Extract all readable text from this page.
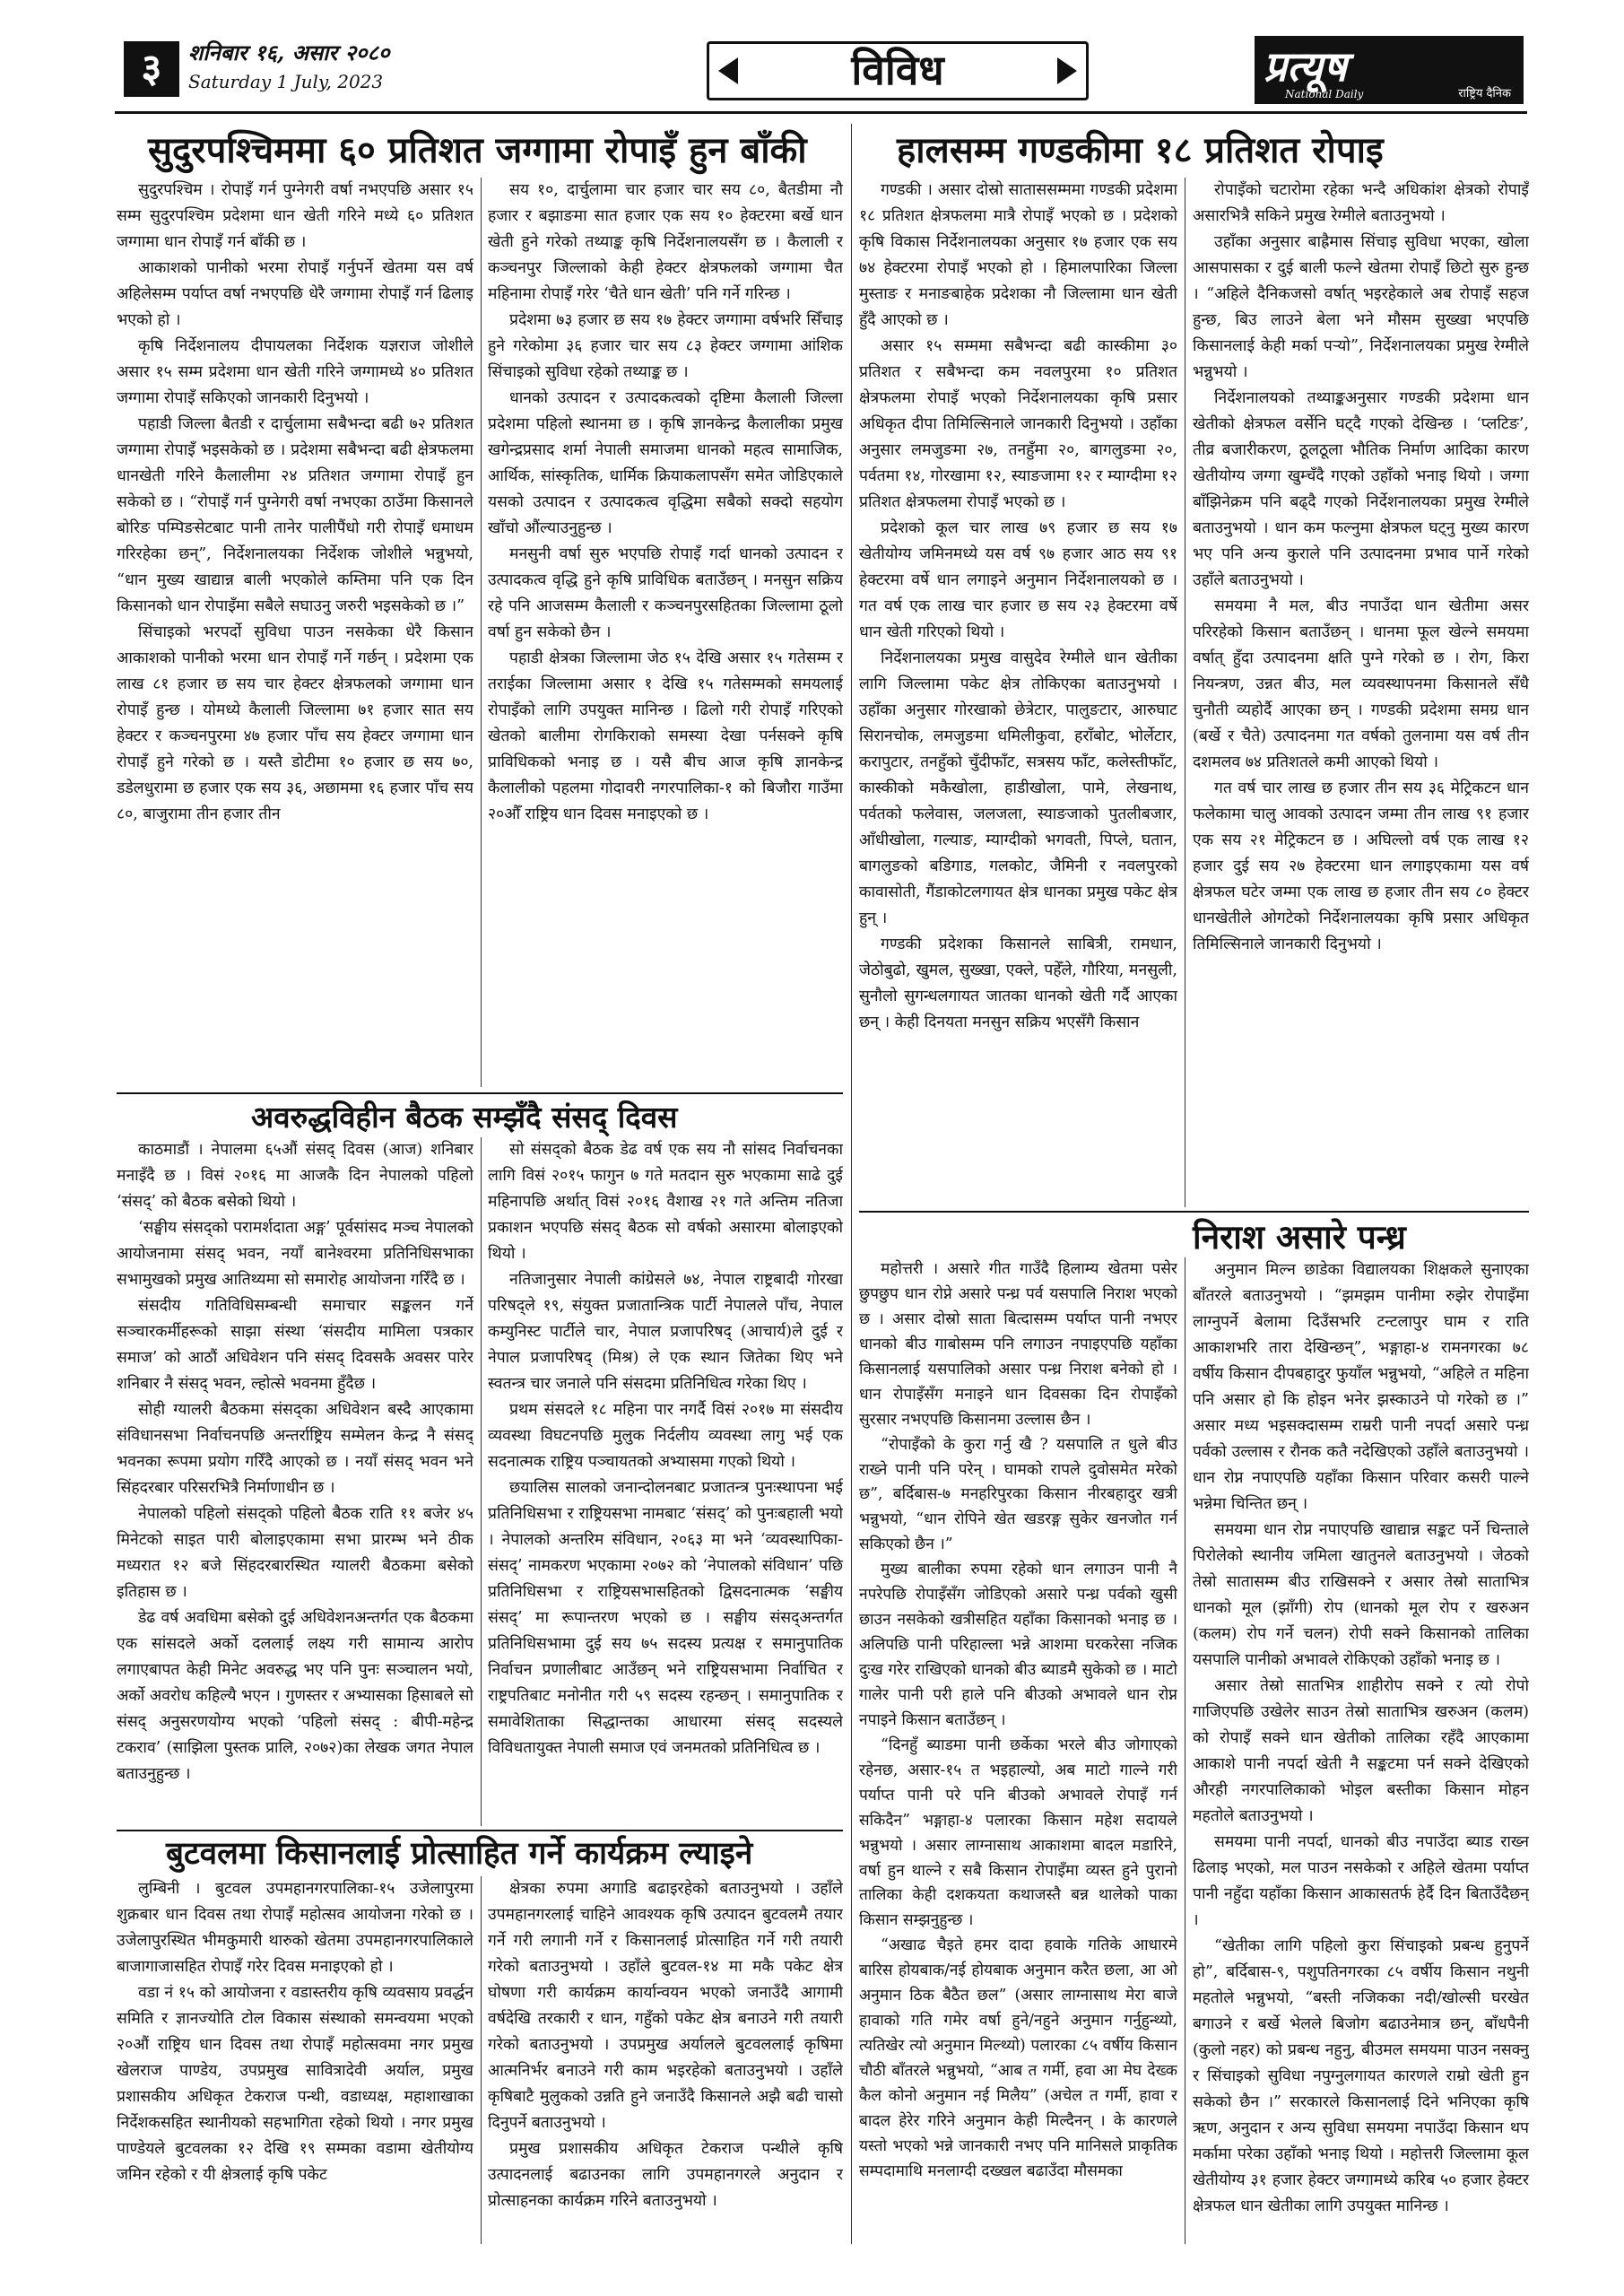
३	शनिबार १६, असार २०८०
Saturday 1 July, 2023	विविध	प्रत्यूष
National Daily	राष्ट्रिय दैनिक
सुदुरपश्चिममा ६० प्रतिशत जग्गामा रोपाइँ हुन बाँकी

सुदुरपश्चिम । रोपाइँ गर्न पुग्नेगरी वर्षा नभएपछि असार १५ सम्म सुदुरपश्चिम प्रदेशमा धान खेती गरिने मध्ये ६० प्रतिशत जग्गामा धान रोपाइँ गर्न बाँकी छ ।

आकाशको पानीको भरमा रोपाइँ गर्नुपर्ने खेतमा यस वर्ष अहिलेसम्म पर्याप्त वर्षा नभएपछि धेरै जग्गामा रोपाइँ गर्न ढिलाइ भएको हो ।

कृषि निर्देशनालय दीपायलका निर्देशक यज्ञराज जोशीले असार १५ सम्म प्रदेशमा धान खेती गरिने जग्गामध्ये ४० प्रतिशत जग्गामा रोपाइँ सकिएको जानकारी दिनुभयो ।

पहाडी जिल्ला बैतडी र दार्चुलामा सबैभन्दा बढी ७२ प्रतिशत जग्गामा रोपाइँ भइसकेको छ । प्रदेशमा सबैभन्दा बढी क्षेत्रफलमा धानखेती गरिने कैलालीमा २४ प्रतिशत जग्गामा रोपाइँ हुन सकेको छ । “रोपाइँ गर्न पुग्नेगरी वर्षा नभएका ठाउँमा किसानले बोरिङ पम्पिङसेटबाट पानी तानेर पालीपैंधो गरी रोपाइँ धमाधम गरिरहेका छन्”, निर्देशनालयका निर्देशक जोशीले भन्नुभयो, “धान मुख्य खाद्यान्न बाली भएकोले कम्तिमा पनि एक दिन किसानको धान रोपाइँमा सबैले सघाउनु जरुरी भइसकेको छ ।”

सिंचाइको भरपर्दो सुविधा पाउन नसकेका धेरै किसान आकाशको पानीको भरमा धान रोपाइँ गर्ने गर्छन् । प्रदेशमा एक लाख ८१ हजार छ सय चार हेक्टर क्षेत्रफलको जग्गामा धान रोपाइँ हुन्छ । योमध्ये कैलाली जिल्लामा ७१ हजार सात सय हेक्टर र कञ्चनपुरमा ४७ हजार पाँच सय हेक्टर जग्गामा धान रोपाइँ हुने गरेको छ । यस्तै डोटीमा १० हजार छ सय ७०, डडेलधुरामा छ हजार एक सय ३६, अछाममा १६ हजार पाँच सय ८०, बाजुरामा तीन हजार तीन

सय १०, दार्चुलामा चार हजार चार सय ८०, बैतडीमा नौ हजार र बझाङमा सात हजार एक सय १० हेक्टरमा बर्खे धान खेती हुने गरेको तथ्याङ्क कृषि निर्देशनालयसँग छ । कैलाली र कञ्चनपुर जिल्लाको केही हेक्टर क्षेत्रफलको जग्गामा चैत महिनामा रोपाइँ गरेर ‘चैते धान खेती’ पनि गर्ने गरिन्छ ।

प्रदेशमा ७३ हजार छ सय १७ हेक्टर जग्गामा वर्षभरि सिँचाइ हुने गरेकोमा ३६ हजार चार सय ८३ हेक्टर जग्गामा आंशिक सिंचाइको सुविधा रहेको तथ्याङ्क छ ।

धानको उत्पादन र उत्पादकत्वको दृष्टिमा कैलाली जिल्ला प्रदेशमा पहिलो स्थानमा छ । कृषि ज्ञानकेन्द्र कैलालीका प्रमुख खगेन्द्रप्रसाद शर्मा नेपाली समाजमा धानको महत्व सामाजिक, आर्थिक, सांस्कृतिक, धार्मिक क्रियाकलापसँग समेत जोडिएकाले यसको उत्पादन र उत्पादकत्व वृद्धिमा सबैको सक्दो सहयोग खाँचो औंल्याउनुहुन्छ ।

मनसुनी वर्षा सुरु भएपछि रोपाइँ गर्दा धानको उत्पादन र उत्पादकत्व वृद्धि हुने कृषि प्राविधिक बताउँछन् । मनसुन सक्रिय रहे पनि आजसम्म कैलाली र कञ्चनपुरसहितका जिल्लामा ठूलो वर्षा हुन सकेको छैन ।

पहाडी क्षेत्रका जिल्लामा जेठ १५ देखि असार १५ गतेसम्म र तराईका जिल्लामा असार १ देखि १५ गतेसम्मको समयलाई रोपाइँको लागि उपयुक्त मानिन्छ । ढिलो गरी रोपाइँ गरिएको खेतको बालीमा रोगकिराको समस्या देखा पर्नसक्ने कृषि प्राविधिकको भनाइ छ । यसै बीच आज कृषि ज्ञानकेन्द्र कैलालीको पहलमा गोदावरी नगरपालिका-१ को बिजौरा गाउँमा २०औँ राष्ट्रिय धान दिवस मनाइएको छ ।

हालसम्म गण्डकीमा १८ प्रतिशत रोपाइ

गण्डकी । असार दोस्रो साताससम्ममा गण्डकी प्रदेशमा १८ प्रतिशत क्षेत्रफलमा मात्रै रोपाइँ भएको छ । प्रदेशको कृषि विकास निर्देशनालयका अनुसार १७ हजार एक सय ७४ हेक्टरमा रोपाइँ भएको हो । हिमालपारिका जिल्ला मुस्ताङ र मनाङबाहेक प्रदेशका नौ जिल्लामा धान खेती हुँदै आएको छ ।

असार १५ सम्ममा सबैभन्दा बढी कास्कीमा ३० प्रतिशत र सबैभन्दा कम नवलपुरमा १० प्रतिशत क्षेत्रफलमा रोपाइँ भएको निर्देशनालयका कृषि प्रसार अधिकृत दीपा तिमिल्सिनाले जानकारी दिनुभयो । उहाँका अनुसार लमजुङमा २७, तनहुँमा २०, बागलुङमा २०, पर्वतमा १४, गोरखामा १२, स्याङजामा १२ र म्याग्दीमा १२ प्रतिशत क्षेत्रफलमा रोपाइँ भएको छ ।

प्रदेशको कूल चार लाख ७९ हजार छ सय १७ खेतीयोग्य जमिनमध्ये यस वर्ष ९७ हजार आठ सय ९१ हेक्टरमा वर्षे धान लगाइने अनुमान निर्देशनालयको छ । गत वर्ष एक लाख चार हजार छ सय २३ हेक्टरमा वर्षे धान खेती गरिएको थियो ।

निर्देशनालयका प्रमुख वासुदेव रेग्मीले धान खेतीका लागि जिल्लामा पकेट क्षेत्र तोकिएका बताउनुभयो । उहाँका अनुसार गोरखाको छेत्रेटार, पालुङटार, आरुघाट सिरानचोक, लमजुङमा धमिलीकुवा, हराँबोट, भोर्लेटार, करापुटार, तनहुँको चुँदीफाँट, सत्रसय फाँट, कलेस्तीफाँट, कास्कीको मकैखोला, हाडीखोला, पामे, लेखनाथ, पर्वतको फलेवास, जलजला, स्याङजाको पुतलीबजार, आँधीखोला, गल्याङ, म्याग्दीको भगवती, पिप्ले, घतान, बागलुङको बडिगाड, गलकोट, जैमिनी र नवलपुरको कावासोती, गैंडाकोटलगायत क्षेत्र धानका प्रमुख पकेट क्षेत्र हुन् ।

गण्डकी प्रदेशका किसानले साबित्री, रामधान, जेठोबुढो, खुमल, सुख्खा, एक्ले, पहेँले, गौरिया, मनसुली, सुनौलो सुगन्धलगायत जातका धानको खेती गर्दै आएका छन् । केही दिनयता मनसुन सक्रिय भएसँगै किसान

रोपाइँको चटारोमा रहेका भन्दै अधिकांश क्षेत्रको रोपाइँ असारभित्रै सकिने प्रमुख रेग्मीले बताउनुभयो ।

उहाँका अनुसार बाह्रैमास सिंचाइ सुविधा भएका, खोला आसपासका र दुई बाली फल्ने खेतमा रोपाइँ छिटो सुरु हुन्छ । “अहिले दैनिकजसो वर्षात् भइरहेकाले अब रोपाइँ सहज हुन्छ, बिउ लाउने बेला भने मौसम सुख्खा भएपछि किसानलाई केही मर्का पर्‍यो”, निर्देशनालयका प्रमुख रेग्मीले भन्नुभयो ।

निर्देशनालयको तथ्याङ्कअनुसार गण्डकी प्रदेशमा धान खेतीको क्षेत्रफल वर्सेनि घट्दै गएको देखिन्छ । ‘प्लटिङ’, तीव्र बजारीकरण, ठूलठूला भौतिक निर्माण आदिका कारण खेतीयोग्य जग्गा खुम्चँदै गएको उहाँको भनाइ थियो । जग्गा बाँझिनेक्रम पनि बढ्दै गएको निर्देशनालयका प्रमुख रेग्मीले बताउनुभयो । धान कम फल्नुमा क्षेत्रफल घट्नु मुख्य कारण भए पनि अन्य कुराले पनि उत्पादनमा प्रभाव पार्ने गरेको उहाँले बताउनुभयो ।

समयमा नै मल, बीउ नपाउँदा धान खेतीमा असर परिरहेको किसान बताउँछन् । धानमा फूल खेल्ने समयमा वर्षात् हुँदा उत्पादनमा क्षति पुग्ने गरेको छ । रोग, किरा नियन्त्रण, उन्नत बीउ, मल व्यवस्थापनमा किसानले सँधै चुनौती व्यहोर्दै आएका छन् । गण्डकी प्रदेशमा समग्र धान (बर्खे र चैते) उत्पादनमा गत वर्षको तुलनामा यस वर्ष तीन दशमलव ७४ प्रतिशतले कमी आएको थियो ।

गत वर्ष चार लाख छ हजार तीन सय ३६ मेट्रिकटन धान फलेकामा चालु आवको उत्पादन जम्मा तीन लाख ९१ हजार एक सय २१ मेट्रिकटन छ । अघिल्लो वर्ष एक लाख १२ हजार दुई सय २७ हेक्टरमा धान लगाइएकामा यस वर्ष क्षेत्रफल घटेर जम्मा एक लाख छ हजार तीन सय ८० हेक्टर धानखेतीले ओगटेको निर्देशनालयका कृषि प्रसार अधिकृत तिमिल्सिनाले जानकारी दिनुभयो ।

अवरुद्धविहीन बैठक सम्झँदै संसद् दिवस

काठमाडौं । नेपालमा ६५औं संसद् दिवस (आज) शनिबार मनाइँदै छ । विसं २०१६ मा आजकै दिन नेपालको पहिलो ‘संसद्’ को बैठक बसेको थियो ।

‘सङ्घीय संसद्को परामर्शदाता अङ्ग’ पूर्वसांसद मञ्च नेपालको आयोजनामा संसद् भवन, नयाँ बानेश्वरमा प्रतिनिधिसभाका सभामुखको प्रमुख आतिथ्यमा सो समारोह आयोजना गरिँदै छ ।

संसदीय गतिविधिसम्बन्धी समाचार सङ्कलन गर्ने सञ्चारकर्मीहरूको साझा संस्था ‘संसदीय मामिला पत्रकार समाज’ को आठौं अधिवेशन पनि संसद् दिवसकै अवसर पारेर शनिबार नै संसद् भवन, ल्होत्से भवनमा हुँदैछ ।

सोही ग्यालरी बैठकमा संसद्का अधिवेशन बस्दै आएकामा संविधानसभा निर्वाचनपछि अन्तर्राष्ट्रिय सम्मेलन केन्द्र नै संसद् भवनका रूपमा प्रयोग गरिँदै आएको छ । नयाँ संसद् भवन भने सिंहदरबार परिसरभित्रै निर्माणाधीन छ ।

नेपालको पहिलो संसद्को पहिलो बैठक राति ११ बजेर ४५ मिनेटको साइत पारी बोलाइएकामा सभा प्रारम्भ भने ठीक मध्यरात १२ बजे सिंहदरबारस्थित ग्यालरी बैठकमा बसेको इतिहास छ ।

डेढ वर्ष अवधिमा बसेको दुई अधिवेशनअन्तर्गत एक बैठकमा एक सांसदले अर्को दललाई लक्ष्य गरी सामान्य आरोप लगाएबापत केही मिनेट अवरुद्ध भए पनि पुनः सञ्चालन भयो, अर्को अवरोध कहिल्यै भएन । गुणस्तर र अभ्यासका हिसाबले सो संसद् अनुसरणयोग्य भएको ‘पहिलो संसद् : बीपी-महेन्द्र टकराव’ (साझिला पुस्तक प्रालि, २०७२)का लेखक जगत नेपाल बताउनुहुन्छ ।

सो संसद्को बैठक डेढ वर्ष एक सय नौ सांसद निर्वाचनका लागि विसं २०१५ फागुन ७ गते मतदान सुरु भएकामा साढे दुई महिनापछि अर्थात् विसं २०१६ वैशाख २१ गते अन्तिम नतिजा प्रकाशन भएपछि संसद् बैठक सो वर्षको असारमा बोलाइएको थियो ।

नतिजानुसार नेपाली कांग्रेसले ७४, नेपाल राष्ट्रबादी गोरखा परिषद्ले १९, संयुक्त प्रजातान्त्रिक पार्टी नेपालले पाँच, नेपाल कम्युनिस्ट पार्टीले चार, नेपाल प्रजापरिषद् (आचार्य)ले दुई र नेपाल प्रजापरिषद् (मिश्र) ले एक स्थान जितेका थिए भने स्वतन्त्र चार जनाले पनि संसदमा प्रतिनिधित्व गरेका थिए ।

प्रथम संसदले १८ महिना पार नगर्दै विसं २०१७ मा संसदीय व्यवस्था विघटनपछि मुलुक निर्दलीय व्यवस्था लागु भई एक सदनात्मक राष्ट्रिय पञ्चायतको अभ्यासमा गएको थियो ।

छयालिस सालको जनान्दोलनबाट प्रजातन्त्र पुनःस्थापना भई प्रतिनिधिसभा र राष्ट्रियसभा नामबाट ‘संसद्’ को पुनःबहाली भयो । नेपालको अन्तरिम संविधान, २०६३ मा भने ‘व्यवस्थापिका-संसद्’ नामकरण भएकामा २०७२ को ‘नेपालको संविधान’ पछि प्रतिनिधिसभा र राष्ट्रियसभासहितको द्विसदनात्मक ‘सङ्घीय संसद्’ मा रूपान्तरण भएको छ । सङ्घीय संसद्अन्तर्गत प्रतिनिधिसभामा दुई सय ७५ सदस्य प्रत्यक्ष र समानुपातिक निर्वाचन प्रणालीबाट आउँछन् भने राष्ट्रियसभामा निर्वाचित र राष्ट्रपतिबाट मनोनीत गरी ५९ सदस्य रहन्छन् । समानुपातिक र समावेशिताका सिद्धान्तका आधारमा संसद् सदस्यले विविधतायुक्त नेपाली समाज एवं जनमतको प्रतिनिधित्व छ ।

बुटवलमा किसानलाई प्रोत्साहित गर्ने कार्यक्रम ल्याइने

लुम्बिनी । बुटवल उपमहानगरपालिका-१५ उजेलापुरमा शुक्रबार धान दिवस तथा रोपाइँ महोत्सव आयोजना गरेको छ । उजेलापुरस्थित भीमकुमारी थारुको खेतमा उपमहानगरपालिकाले बाजागाजासहित रोपाइँ गरेर दिवस मनाइएको हो ।

वडा नं १५ को आयोजना र वडास्तरीय कृषि व्यवसाय प्रवर्द्धन समिति र ज्ञानज्योति टोल विकास संस्थाको समन्वयमा भएको २०औं राष्ट्रिय धान दिवस तथा रोपाइँ महोत्सवमा नगर प्रमुख खेलराज पाण्डेय, उपप्रमुख सावित्रादेवी अर्याल, प्रमुख प्रशासकीय अधिकृत टेकराज पन्थी, वडाध्यक्ष, महाशाखाका निर्देशकसहित स्थानीयको सहभागिता रहेको थियो । नगर प्रमुख पाण्डेयले बुटवलका १२ देखि १९ सम्मका वडामा खेतीयोग्य जमिन रहेको र यी क्षेत्रलाई कृषि पकेट

क्षेत्रका रुपमा अगाडि बढाइरहेको बताउनुभयो । उहाँले उपमहानगरलाई चाहिने आवश्यक कृषि उत्पादन बुटवलमै तयार गर्ने गरी लगानी गर्ने र किसानलाई प्रोत्साहित गर्ने गरी तयारी गरेको बताउनुभयो । उहाँले बुटवल-१४ मा मकै पकेट क्षेत्र घोषणा गरी कार्यक्रम कार्यान्वयन भएको जनाउँदै आगामी वर्षदेखि तरकारी र धान, गहुँको पकेट क्षेत्र बनाउने गरी तयारी गरेको बताउनुभयो । उपप्रमुख अर्यालले बुटवललाई कृषिमा आत्मनिर्भर बनाउने गरी काम भइरहेको बताउनुभयो । उहाँले कृषिबाटै मुलुकको उन्नति हुने जनाउँदै किसानले अझै बढी चासो दिनुपर्ने बताउनुभयो ।

प्रमुख प्रशासकीय अधिकृत टेकराज पन्थीले कृषि उत्पादनलाई बढाउनका लागि उपमहानगरले अनुदान र प्रोत्साहनका कार्यक्रम गरिने बताउनुभयो ।

निराश असारे पन्ध्र

महोत्तरी । असारे गीत गाउँदै हिलाम्य खेतमा पसेर छुपछुप धान रोप्ने असारे पन्ध्र पर्व यसपालि निराश भएको छ । असार दोस्रो साता बित्दासम्म पर्याप्त पानी नभएर धानको बीउ गाबोसम्म पनि लगाउन नपाइएपछि यहाँका किसानलाई यसपालिको असार पन्ध्र निराश बनेको हो । धान रोपाइँसँग मनाइने धान दिवसका दिन रोपाइँको सुरसार नभएपछि किसानमा उल्लास छैन ।

“रोपाइँको के कुरा गर्नु खै ? यसपालि त धुले बीउ राख्ने पानी पनि परेन् । घामको रापले दुवोसमेत मरेको छ”, बर्दिबास-७ मनहरिपुरका किसान नीरबहादुर खत्री भन्नुभयो, “धान रोपिने खेत खडरङ्ग सुकेर खनजोत गर्न सकिएको छैन ।”

मुख्य बालीका रुपमा रहेको धान लगाउन पानी नै नपरेपछि रोपाइँसँग जोडिएको असारे पन्ध्र पर्वको खुसी छाउन नसकेको खत्रीसहित यहाँका किसानको भनाइ छ । अलिपछि पानी परिहाल्ला भन्ने आशमा घरकरेसा नजिक दुःख गरेर राखिएको धानको बीउ ब्याडमै सुकेको छ । माटो गालेर पानी परी हाले पनि बीउको अभावले धान रोप्न नपाइने किसान बताउँछन् ।

“दिनहुँ ब्याडमा पानी छर्केका भरले बीउ जोगाएको रहेनछ, असार-१५ त भइहाल्यो, अब माटो गाल्ने गरी पर्याप्त पानी परे पनि बीउको अभावले रोपाइँ गर्न सकिदैन” भङ्गाहा-४ पलारका किसान महेश सदायले भन्नुभयो । असार लाग्नासाथ आकाशमा बादल मडारिने, वर्षा हुन थाल्ने र सबै किसान रोपाइँमा व्यस्त हुने पुरानो तालिका केही दशकयता कथाजस्तै बन्न थालेको पाका किसान सम्झनुहुन्छ ।

“अखाढ चैइते हमर दादा हवाके गतिके आधारमे बारिस होयबाक/नई होयबाक अनुमान करैत छला, आ ओ अनुमान ठिक बैठैत छल” (असार लाग्नासाथ मेरा बाजे हावाको गति गमेर वर्षा हुने/नहुने अनुमान गर्नुहुन्थ्यो, त्यतिखेर त्यो अनुमान मिल्थ्यो) पलारका ८५ वर्षीय किसान चौठी बाँतरले भन्नुभयो, “आब त गर्मी, हवा आ मेघ देख्क कैल कोनो अनुमान नई मिलैय” (अचेल त गर्मी, हावा र बादल हेरेर गरिने अनुमान केही मिल्दैनन् । के कारणले यस्तो भएको भन्ने जानकारी नभए पनि मानिसले प्राकृतिक सम्पदामाथि मनलाग्दी दख्खल बढाउँदा मौसमका

अनुमान मिल्न छाडेका विद्यालयका शिक्षकले सुनाएका बाँतरले बताउनुभयो । “झमझम पानीमा रुझेर रोपाइँमा लाग्नुपर्ने बेलामा दिउँसभरि टन्टलापुर घाम र राति आकाशभरि तारा देखिन्छन्”, भङ्गाहा-४ रामनगरका ७८ वर्षीय किसान दीपबहादुर फुयाँल भन्नुभयो, “अहिले त महिना पनि असार हो कि होइन भनेर झस्काउने पो गरेको छ ।” असार मध्य भइसक्दासम्म राम्ररी पानी नपर्दा असारे पन्ध्र पर्वको उल्लास र रौनक कतै नदेखिएको उहाँले बताउनुभयो । धान रोप्न नपाएपछि यहाँका किसान परिवार कसरी पाल्ने भन्नेमा चिन्तित छन् ।

समयमा धान रोप्न नपाएपछि खाद्यान्न सङ्कट पर्ने चिन्ताले पिरोलेको स्थानीय जमिला खातुनले बताउनुभयो । जेठको तेस्रो सातासम्म बीउ राखिसक्ने र असार तेस्रो साताभित्र धानको मूल (झाँगी) रोप (धानको मूल रोप र खरुअन (कलम) रोप गर्ने चलन) रोपी सक्ने किसानको तालिका यसपालि पानीको अभावले रोकिएको उहाँको भनाइ छ ।

असार तेस्रो सातभित्र शाहीरोप सक्ने र त्यो रोपो गाजिएपछि उखेलेर साउन तेस्रो साताभित्र खरुअन (कलम) को रोपाइँ सक्ने धान खेतीको तालिका रहँदै आएकामा आकाशे पानी नपर्दा खेती नै सङ्कटमा पर्न सक्ने देखिएको औरही नगरपालिकाको भोइल बस्तीका किसान मोहन महतोले बताउनुभयो ।

समयमा पानी नपर्दा, धानको बीउ नपाउँदा ब्याड राख्न ढिलाइ भएको, मल पाउन नसकेको र अहिले खेतमा पर्याप्त पानी नहुँदा यहाँका किसान आकासतर्फ हेर्दै दिन बिताउँदैछन् ।

“खेतीका लागि पहिलो कुरा सिंचाइको प्रबन्ध हुनुपर्ने हो”, बर्दिबास-९, पशुपतिनगरका ८५ वर्षीय किसान नथुनी महतोले भन्नुभयो, “बस्ती नजिकका नदी/खोल्सी घरखेत बगाउने र बर्खे भेलले बिजोग बढाउनेमात्र छन्, बाँधपैनी (कुलो नहर) को प्रबन्ध नहुनु, बीउमल समयमा पाउन नसक्नु र सिंचाइको सुविधा नपुग्नुलगायत कारणले राम्रो खेती हुन सकेको छैन ।” सरकारले किसानलाई दिने भनिएका कृषि ऋण, अनुदान र अन्य सुविधा समयमा नपाउँदा किसान थप मर्कामा परेका उहाँको भनाइ थियो । महोत्तरी जिल्लामा कूल खेतीयोग्य ३१ हजार हेक्टर जग्गामध्ये करिब ५० हजार हेक्टर क्षेत्रफल धान खेतीका लागि उपयुक्त मानिन्छ ।
